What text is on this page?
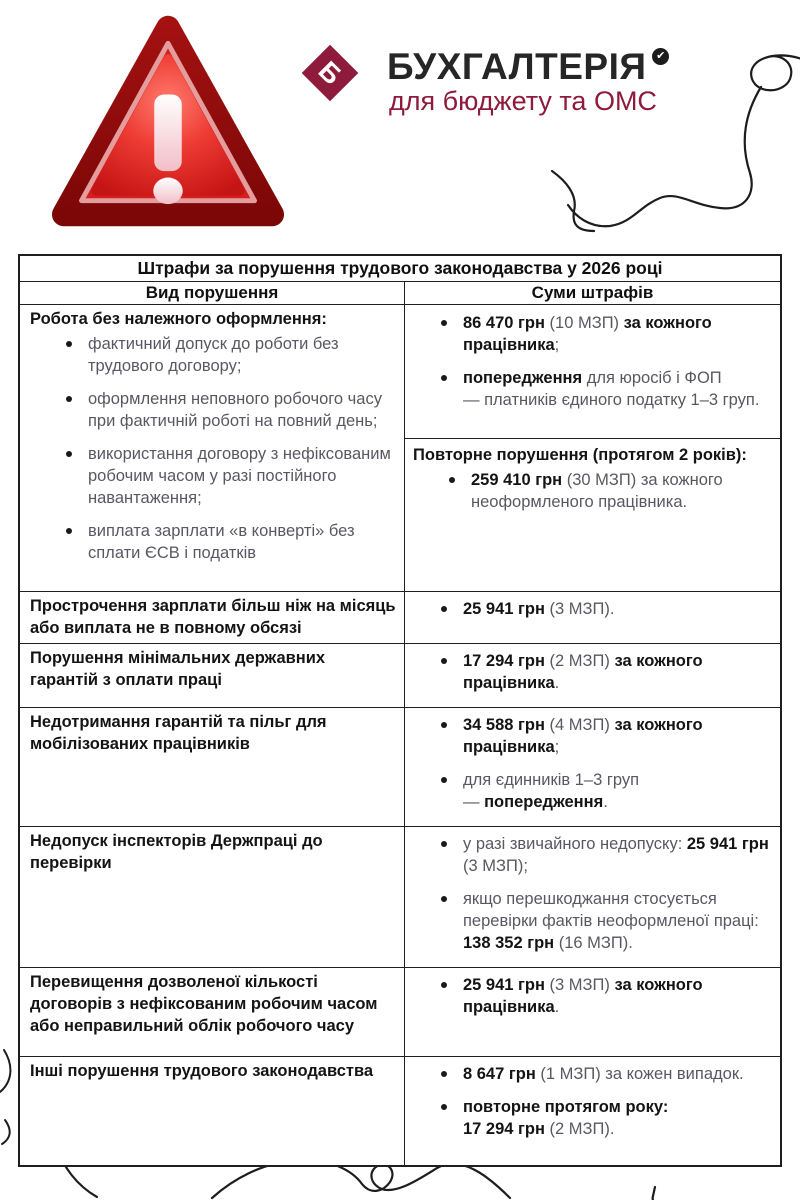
Б БУХГАЛТЕРІЯ ✔
для бюджету та ОМС
Штрафи за порушення трудового законодавства у 2026 році
Вид порушення	Суми штрафів
Робота без належного оформлення:
фактичний допуск до роботи без трудового договору;
оформлення неповного робочого часу при фактичній роботі на повний день;
використання договору з нефіксованим робочим часом у разі постійного навантаження;
виплата зарплати «в конверті» без сплати ЄСВ і податків
86 470 грн (10 МЗП) за кожного працівника;
попередження для юросіб і ФОП
— платників єдиного податку 1–3 груп.
Повторне порушення (протягом 2 років):
259 410 грн (30 МЗП) за кожного неоформленого працівника.
Прострочення зарплати більш ніж на місяць або виплата не в повному обсязі
25 941 грн (3 МЗП).
Порушення мінімальних державних гарантій з оплати праці
17 294 грн (2 МЗП) за кожного працівника.
Недотримання гарантій та пільг для мобілізованих працівників
34 588 грн (4 МЗП) за кожного працівника;
для єдинників 1–3 груп
— попередження.
Недопуск інспекторів Держпраці до перевірки
у разі звичайного недопуску: 25 941 грн (3 МЗП);
якщо перешкоджання стосується перевірки фактів неоформленої праці: 138 352 грн (16 МЗП).
Перевищення дозволеної кількості договорів з нефіксованим робочим часом або неправильний облік робочого часу
25 941 грн (3 МЗП) за кожного працівника.
Інші порушення трудового законодавства	8 647 грн (1 МЗП) за кожен випадок.
повторне протягом року:
17 294 грн (2 МЗП).
